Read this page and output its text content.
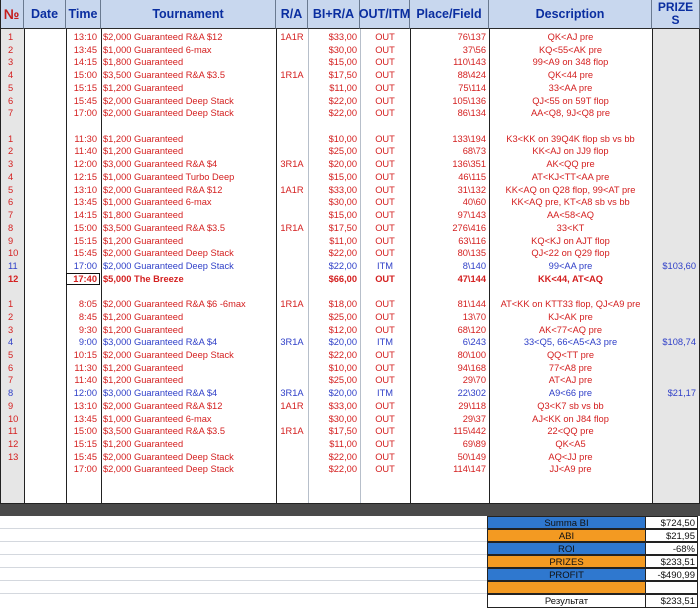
№ Date Time	Tournament	R/A BI+R/A OUT/ITM Place/Field	Description	PRIZE
S
1	13:10 $2,000 Guaranteed R&A $12	1A1R	$33,00	OUT	76\137	QK<AJ pre
2	13:45 $1,000 Guaranteed 6-max	$30,00	OUT	37\56	KQ<55<AK pre
3	14:15 $1,800 Guaranteed	$15,00	OUT	110\143	99<A9 on 348 flop
4	15:00 $3,500 Guaranteed R&A $3.5	1R1A	$17,50	OUT	88\424	QK<44 pre
5	15:15 $1,200 Guaranteed	$11,00	OUT	75\114	33<AA pre
6	15:45 $2,000 Guaranteed Deep Stack	$22,00	OUT	105\136	QJ<55 on 59T flop
7	17:00 $2,000 Guaranteed Deep Stack	$22,00	OUT	86\134	AA<Q8, 9J<Q8 pre
1	11:30 $1,200 Guaranteed	$10,00	OUT	133\194	K3<KK on 39Q4K flop sb vs bb
2	11:40 $1,200 Guaranteed	$25,00	OUT	68\73	KK<AJ on JJ9 flop
3	12:00 $3,000 Guaranteed R&A $4	3R1A	$20,00	OUT	136\351	AK<QQ pre
4	12:15 $1,000 Guaranteed Turbo Deep	$15,00	OUT	46\115	AT<KJ<TT<AA pre
5	13:10 $2,000 Guaranteed R&A $12	1A1R	$33,00	OUT	31\132	KK<AQ on Q28 flop, 99<AT pre
6	13:45 $1,000 Guaranteed 6-max	$30,00	OUT	40\60	KK<AQ pre, KT<A8 sb vs bb
7	14:15 $1,800 Guaranteed	$15,00	OUT	97\143	AA<58<AQ
8	15:00 $3,500 Guaranteed R&A $3.5	1R1A	$17,50	OUT	276\416	33<KT
9	15:15 $1,200 Guaranteed	$11,00	OUT	63\116	KQ<KJ on AJT flop
10	15:45 $2,000 Guaranteed Deep Stack	$22,00	OUT	80\135	QJ<22 on Q29 flop
11	17:00 $2,000 Guaranteed Deep Stack	$22,00	ITM	8\140	99<AA pre	$103,60
12	17:40 $5,000 The Breeze	$66,00	OUT	47\144	KK<44, AT<AQ
1	8:05 $2,000 Guaranteed R&A $6 -6max	1R1A	$18,00	OUT	81\144	AT<KK on KTT33 flop, QJ<A9 pre
2	8:45 $1,200 Guaranteed	$25,00	OUT	13\70	KJ<AK pre
3	9:30 $1,200 Guaranteed	$12,00	OUT	68\120	AK<77<AQ pre
4	9:00 $3,000 Guaranteed R&A $4	3R1A	$20,00	ITM	6\243	33<Q5, 66<A5<A3 pre	$108,74
5	10:15 $2,000 Guaranteed Deep Stack	$22,00	OUT	80\100	QQ<TT pre
6	11:30 $1,200 Guaranteed	$10,00	OUT	94\168	77<A8 pre
7	11:40 $1,200 Guaranteed	$25,00	OUT	29\70	AT<AJ pre
8	12:00 $3,000 Guaranteed R&A $4	3R1A	$20,00	ITM	22\302	A9<66 pre	$21,17
9	13:10 $2,000 Guaranteed R&A $12	1A1R	$33,00	OUT	29\118	Q3<K7 sb vs bb
10	13:45 $1,000 Guaranteed 6-max	$30,00	OUT	29\37	AJ<KK on J84 flop
11	15:00 $3,500 Guaranteed R&A $3.5	1R1A	$17,50	OUT	115\442	22<QQ pre
12	15:15 $1,200 Guaranteed	$11,00	OUT	69\89	QK<A5
13	15:45 $2,000 Guaranteed Deep Stack	$22,00	OUT	50\149	AQ<JJ pre
17:00 $2,000 Guaranteed Deep Stack	$22,00	OUT	114\147	JJ<A9 pre
Summa BI	$724,50
ABI	$21,95
ROI	-68%
PRIZES	$233,51
PROFIT	-$490,99
Результат	$233,51
